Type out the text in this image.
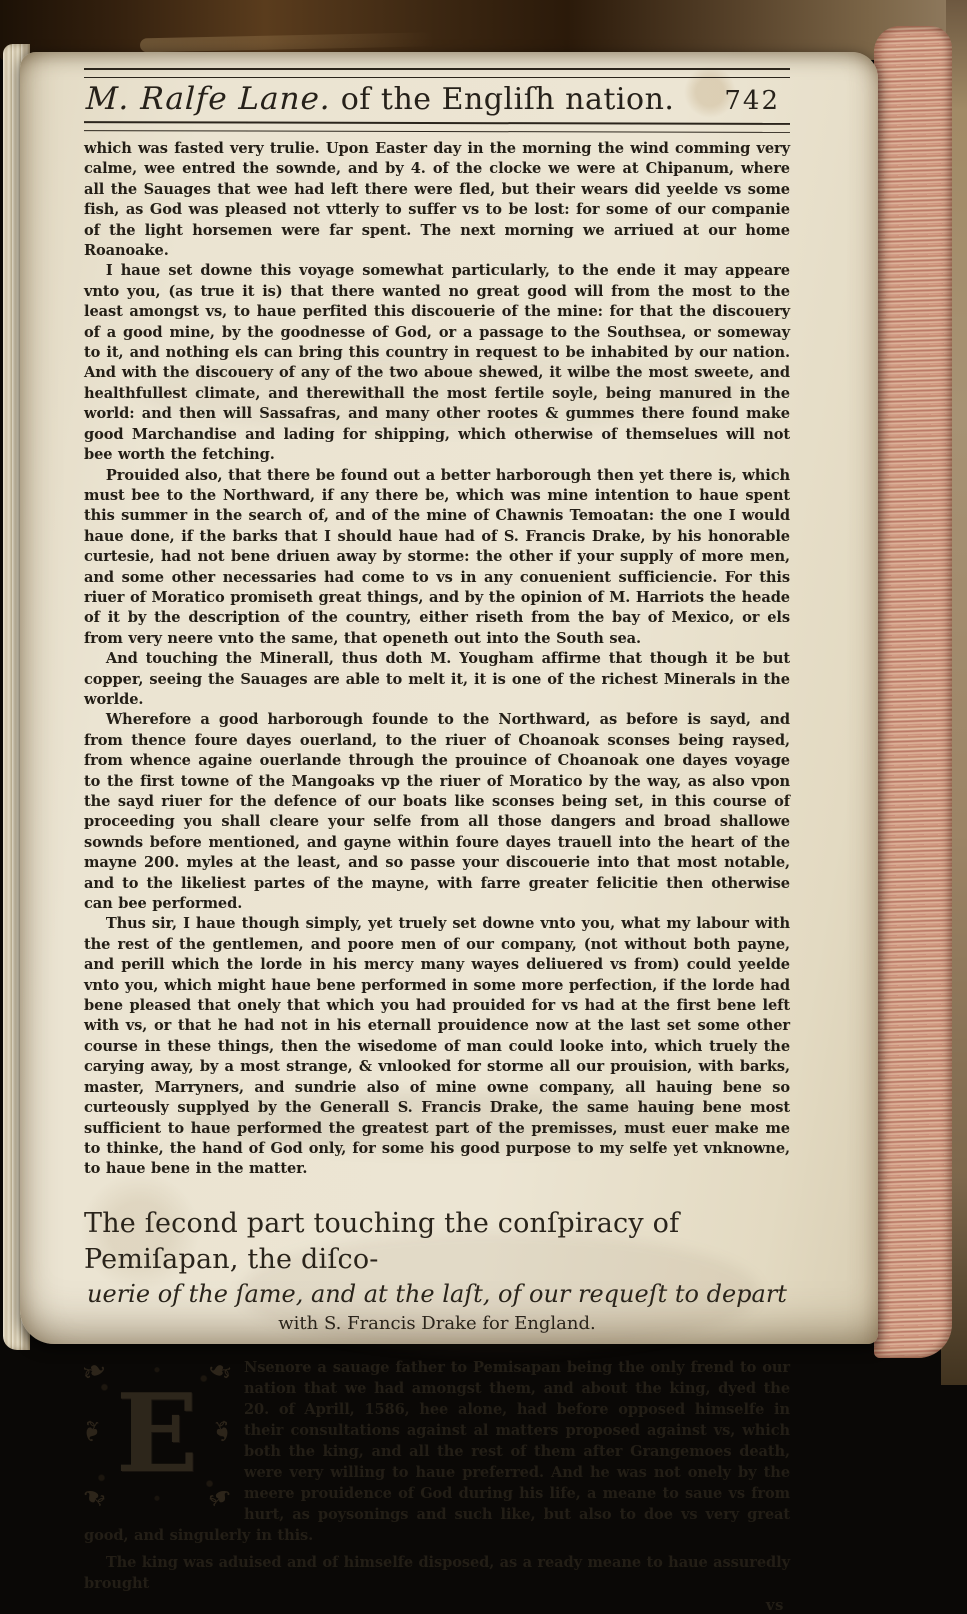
M. Ralfe Lane. of the Engliſh nation. 742

which was fasted very trulie. Upon Easter day in the morning the wind comming very calme, wee entred the sownde, and by 4. of the clocke we were at Chipanum, where all the Sauages that wee had left there were fled, but their wears did yeelde vs some fish, as God was pleased not vtterly to suffer vs to be lost: for some of our companie of the light horsemen were far spent. The next morning we arriued at our home Roanoake.

I haue set downe this voyage somewhat particularly, to the ende it may appeare vnto you, (as true it is) that there wanted no great good will from the most to the least amongst vs, to haue perfited this discouerie of the mine: for that the discouery of a good mine, by the goodnesse of God, or a passage to the Southsea, or someway to it, and nothing els can bring this country in request to be inhabited by our nation. And with the discouery of any of the two aboue shewed, it wilbe the most sweete, and healthfullest climate, and therewithall the most fertile soyle, being manured in the world: and then will Sassafras, and many other rootes & gummes there found make good Marchandise and lading for shipping, which otherwise of themselues will not bee worth the fetching.

Prouided also, that there be found out a better harborough then yet there is, which must bee to the Northward, if any there be, which was mine intention to haue spent this summer in the search of, and of the mine of Chawnis Temoatan: the one I would haue done, if the barks that I should haue had of S. Francis Drake, by his honorable curtesie, had not bene driuen away by storme: the other if your supply of more men, and some other necessaries had come to vs in any conuenient sufficiencie. For this riuer of Moratico promiseth great things, and by the opinion of M. Harriots the heade of it by the description of the country, either riseth from the bay of Mexico, or els from very neere vnto the same, that openeth out into the South sea.

And touching the Minerall, thus doth M. Yougham affirme that though it be but copper, seeing the Sauages are able to melt it, it is one of the richest Minerals in the worlde.

Wherefore a good harborough founde to the Northward, as before is sayd, and from thence foure dayes ouerland, to the riuer of Choanoak sconses being raysed, from whence againe ouerlande through the prouince of Choanoak one dayes voyage to the first towne of the Mangoaks vp the riuer of Moratico by the way, as also vpon the sayd riuer for the defence of our boats like sconses being set, in this course of proceeding you shall cleare your selfe from all those dangers and broad shallowe sownds before mentioned, and gayne within foure dayes trauell into the heart of the mayne 200. myles at the least, and so passe your discouerie into that most notable, and to the likeliest partes of the mayne, with farre greater felicitie then otherwise can bee performed.

Thus sir, I haue though simply, yet truely set downe vnto you, what my labour with the rest of the gentlemen, and poore men of our company, (not without both payne, and perill which the lorde in his mercy many wayes deliuered vs from) could yeelde vnto you, which might haue bene performed in some more perfection, if the lorde had bene pleased that onely that which you had prouided for vs had at the first bene left with vs, or that he had not in his eternall prouidence now at the last set some other course in these things, then the wisedome of man could looke into, which truely the carying away, by a most strange, & vnlooked for storme all our prouision, with barks, master, Marryners, and sundrie also of mine owne company, all hauing bene so curteously supplyed by the Generall S. Francis Drake, the same hauing bene most sufficient to haue performed the greatest part of the premisses, must euer make me to thinke, the hand of God only, for some his good purpose to my selfe yet vnknowne, to haue bene in the matter.

The ſecond part touching the conſpiracy of Pemiſapan, the diſco-
uerie of the ſame, and at the laſt, of our requeſt to depart
with S. Francis Drake for England.
❧	❧
❧	❧
❧	❧
E

Nsenore a sauage father to Pemisapan being the only frend to our nation that we had amongst them, and about the king, dyed the 20. of Aprill, 1586, hee alone, had before opposed himselfe in their consultations against al matters proposed against vs, which both the king, and all the rest of them after Grangemoes death, were very willing to haue preferred. And he was not onely by the meere prouidence of God during his life, a meane to saue vs from hurt, as poysonings and such like, but also to doe vs very great good, and singulerly in this.

The king was aduised and of himselfe disposed, as a ready meane to haue assuredly brought

vs
